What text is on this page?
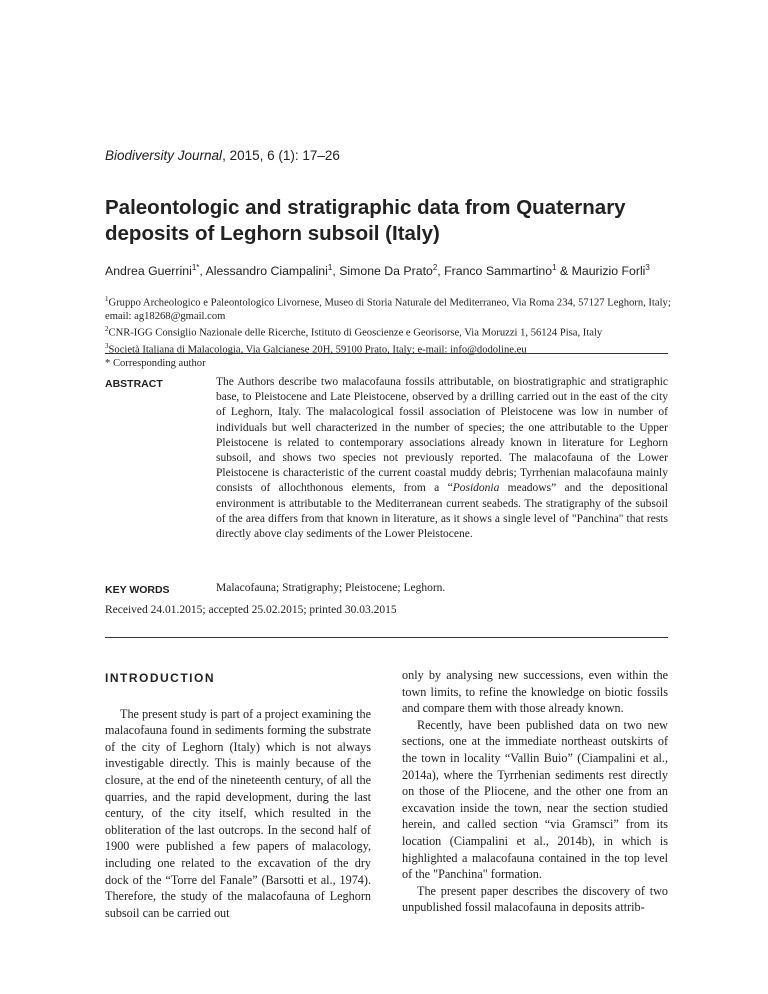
Biodiversity Journal, 2015, 6 (1): 17–26
Paleontologic and stratigraphic data from Quaternary deposits of Leghorn subsoil (Italy)
Andrea Guerrini$^{1*}$, Alessandro Ciampalini$^1$, Simone Da Prato$^2$, Franco Sammartino$^1$ & Maurizio Forli$^3$
$^1$Gruppo Archeologico e Paleontologico Livornese, Museo di Storia Naturale del Mediterraneo, Via Roma 234, 57127 Leghorn, Italy; email: ag18268@gmail.com
$^2$CNR-IGG Consiglio Nazionale delle Ricerche, Istituto di Geoscienze e Georisorse, Via Moruzzi 1, 56124 Pisa, Italy
$^3$Società Italiana di Malacologia, Via Galcianese 20H, 59100 Prato, Italy; e-mail: info@dodoline.eu
* Corresponding author
ABSTRACT	The Authors describe two malacofauna fossils attributable, on biostratigraphic and stratigraphic base, to Pleistocene and Late Pleistocene, observed by a drilling carried out in the east of the city of Leghorn, Italy. The malacological fossil association of Pleistocene was low in number of individuals but well characterized in the number of species; the one attributable to the Upper Pleistocene is related to contemporary associations already known in literature for Leghorn subsoil, and shows two species not previously reported. The malacofauna of the Lower Pleistocene is characteristic of the current coastal muddy debris; Tyrrhenian malacofauna mainly consists of allochthonous elements, from a “Posidonia meadows” and the depositional environment is attributable to the Mediterranean current seabeds. The stratigraphy of the subsoil of the area differs from that known in literature, as it shows a single level of "Panchina" that rests directly above clay sediments of the Lower Pleistocene.

KEY WORDS	Malacofauna; Stratigraphy; Pleistocene; Leghorn.
Received 24.01.2015; accepted 25.02.2015; printed 30.03.2015
INTRODUCTION

The present study is part of a project examining the malacofauna found in sediments forming the substrate of the city of Leghorn (Italy) which is not always investigable directly. This is mainly because of the closure, at the end of the nineteenth century, of all the quarries, and the rapid development, during the last century, of the city itself, which resulted in the obliteration of the last outcrops. In the second half of 1900 were published a few papers of malacology, including one related to the excavation of the dry dock of the “Torre del Fanale” (Barsotti et al., 1974). Therefore, the study of the malacofauna of Leghorn subsoil can be carried out

only by analysing new successions, even within the town limits, to refine the knowledge on biotic fossils and compare them with those already known.

Recently, have been published data on two new sections, one at the immediate northeast outskirts of the town in locality “Vallin Buio” (Ciampalini et al., 2014a), where the Tyrrhenian sediments rest directly on those of the Pliocene, and the other one from an excavation inside the town, near the section studied herein, and called section “via Gramsci” from its location (Ciampalini et al., 2014b), in which is highlighted a malacofauna contained in the top level of the "Panchina" formation.

The present paper describes the discovery of two unpublished fossil malacofauna in deposits attrib-
